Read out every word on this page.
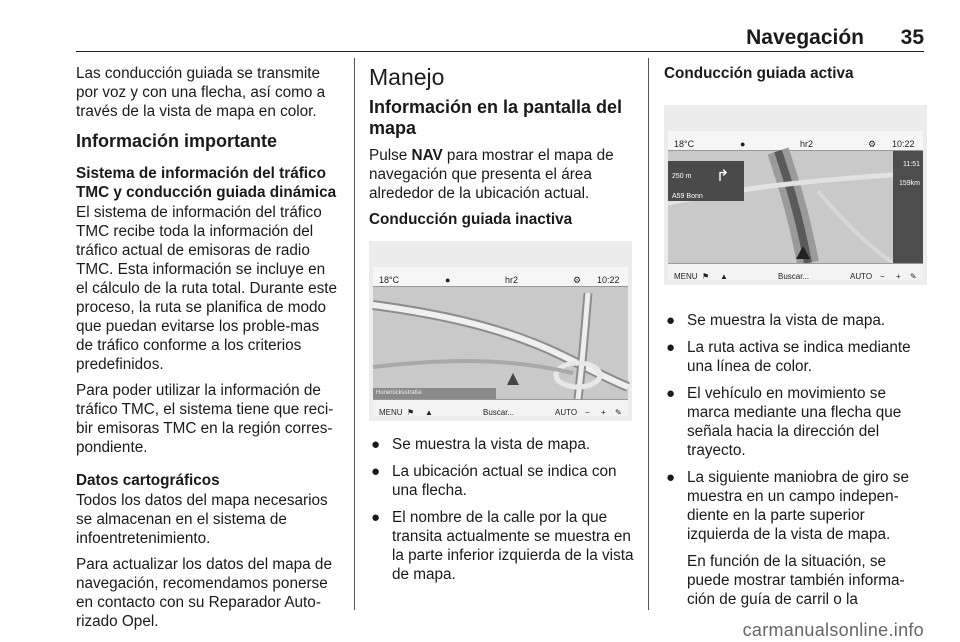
Navegación 35

Las conducción guiada se transmite por voz y con una flecha, así como a través de la vista de mapa en color.

Información importante
Sistema de información del tráfico TMC y conducción guiada dinámica

El sistema de información del tráfico TMC recibe toda la información del tráfico actual de emisoras de radio TMC. Esta información se incluye en el cálculo de la ruta total. Durante este proceso, la ruta se planifica de modo que puedan evitarse los proble-mas de tráfico conforme a los criterios predefinidos.

Para poder utilizar la información de tráfico TMC, el sistema tiene que reci-bir emisoras TMC en la región corres-pondiente.

Datos cartográficos

Todos los datos del mapa necesarios se almacenan en el sistema de infoentretenimiento.

Para actualizar los datos del mapa de navegación, recomendamos ponerse en contacto con su Reparador Auto-rizado Opel.

Manejo
Información en la pantalla del mapa

Pulse NAV para mostrar el mapa de navegación que presenta el área alrededor de la ubicación actual.

Conducción guiada inactiva
18°C	●	hr2	⚙ 10:22
Hunerücksstraße
MENU ⚑ ▲	Buscar...	AUTO − + ✎
● Se muestra la vista de mapa.
● La ubicación actual se indica con una flecha.
● El nombre de la calle por la que transita actualmente se muestra en la parte inferior izquierda de la vista de mapa.
Conducción guiada activa
18°C	●	hr2	⚙ 10:22
250 m
A59 Bonn
↱
11:51
159km
MENU ⚑ ▲	Buscar...	AUTO − + ✎
● Se muestra la vista de mapa.
● La ruta activa se indica mediante una línea de color.
● El vehículo en movimiento se marca mediante una flecha que señala hacia la dirección del trayecto.
● La siguiente maniobra de giro se muestra en un campo indepen-diente en la parte superior izquierda de la vista de mapa.

En función de la situación, se puede mostrar también informa-ción de guía de carril o la

carmanualsonline.info
